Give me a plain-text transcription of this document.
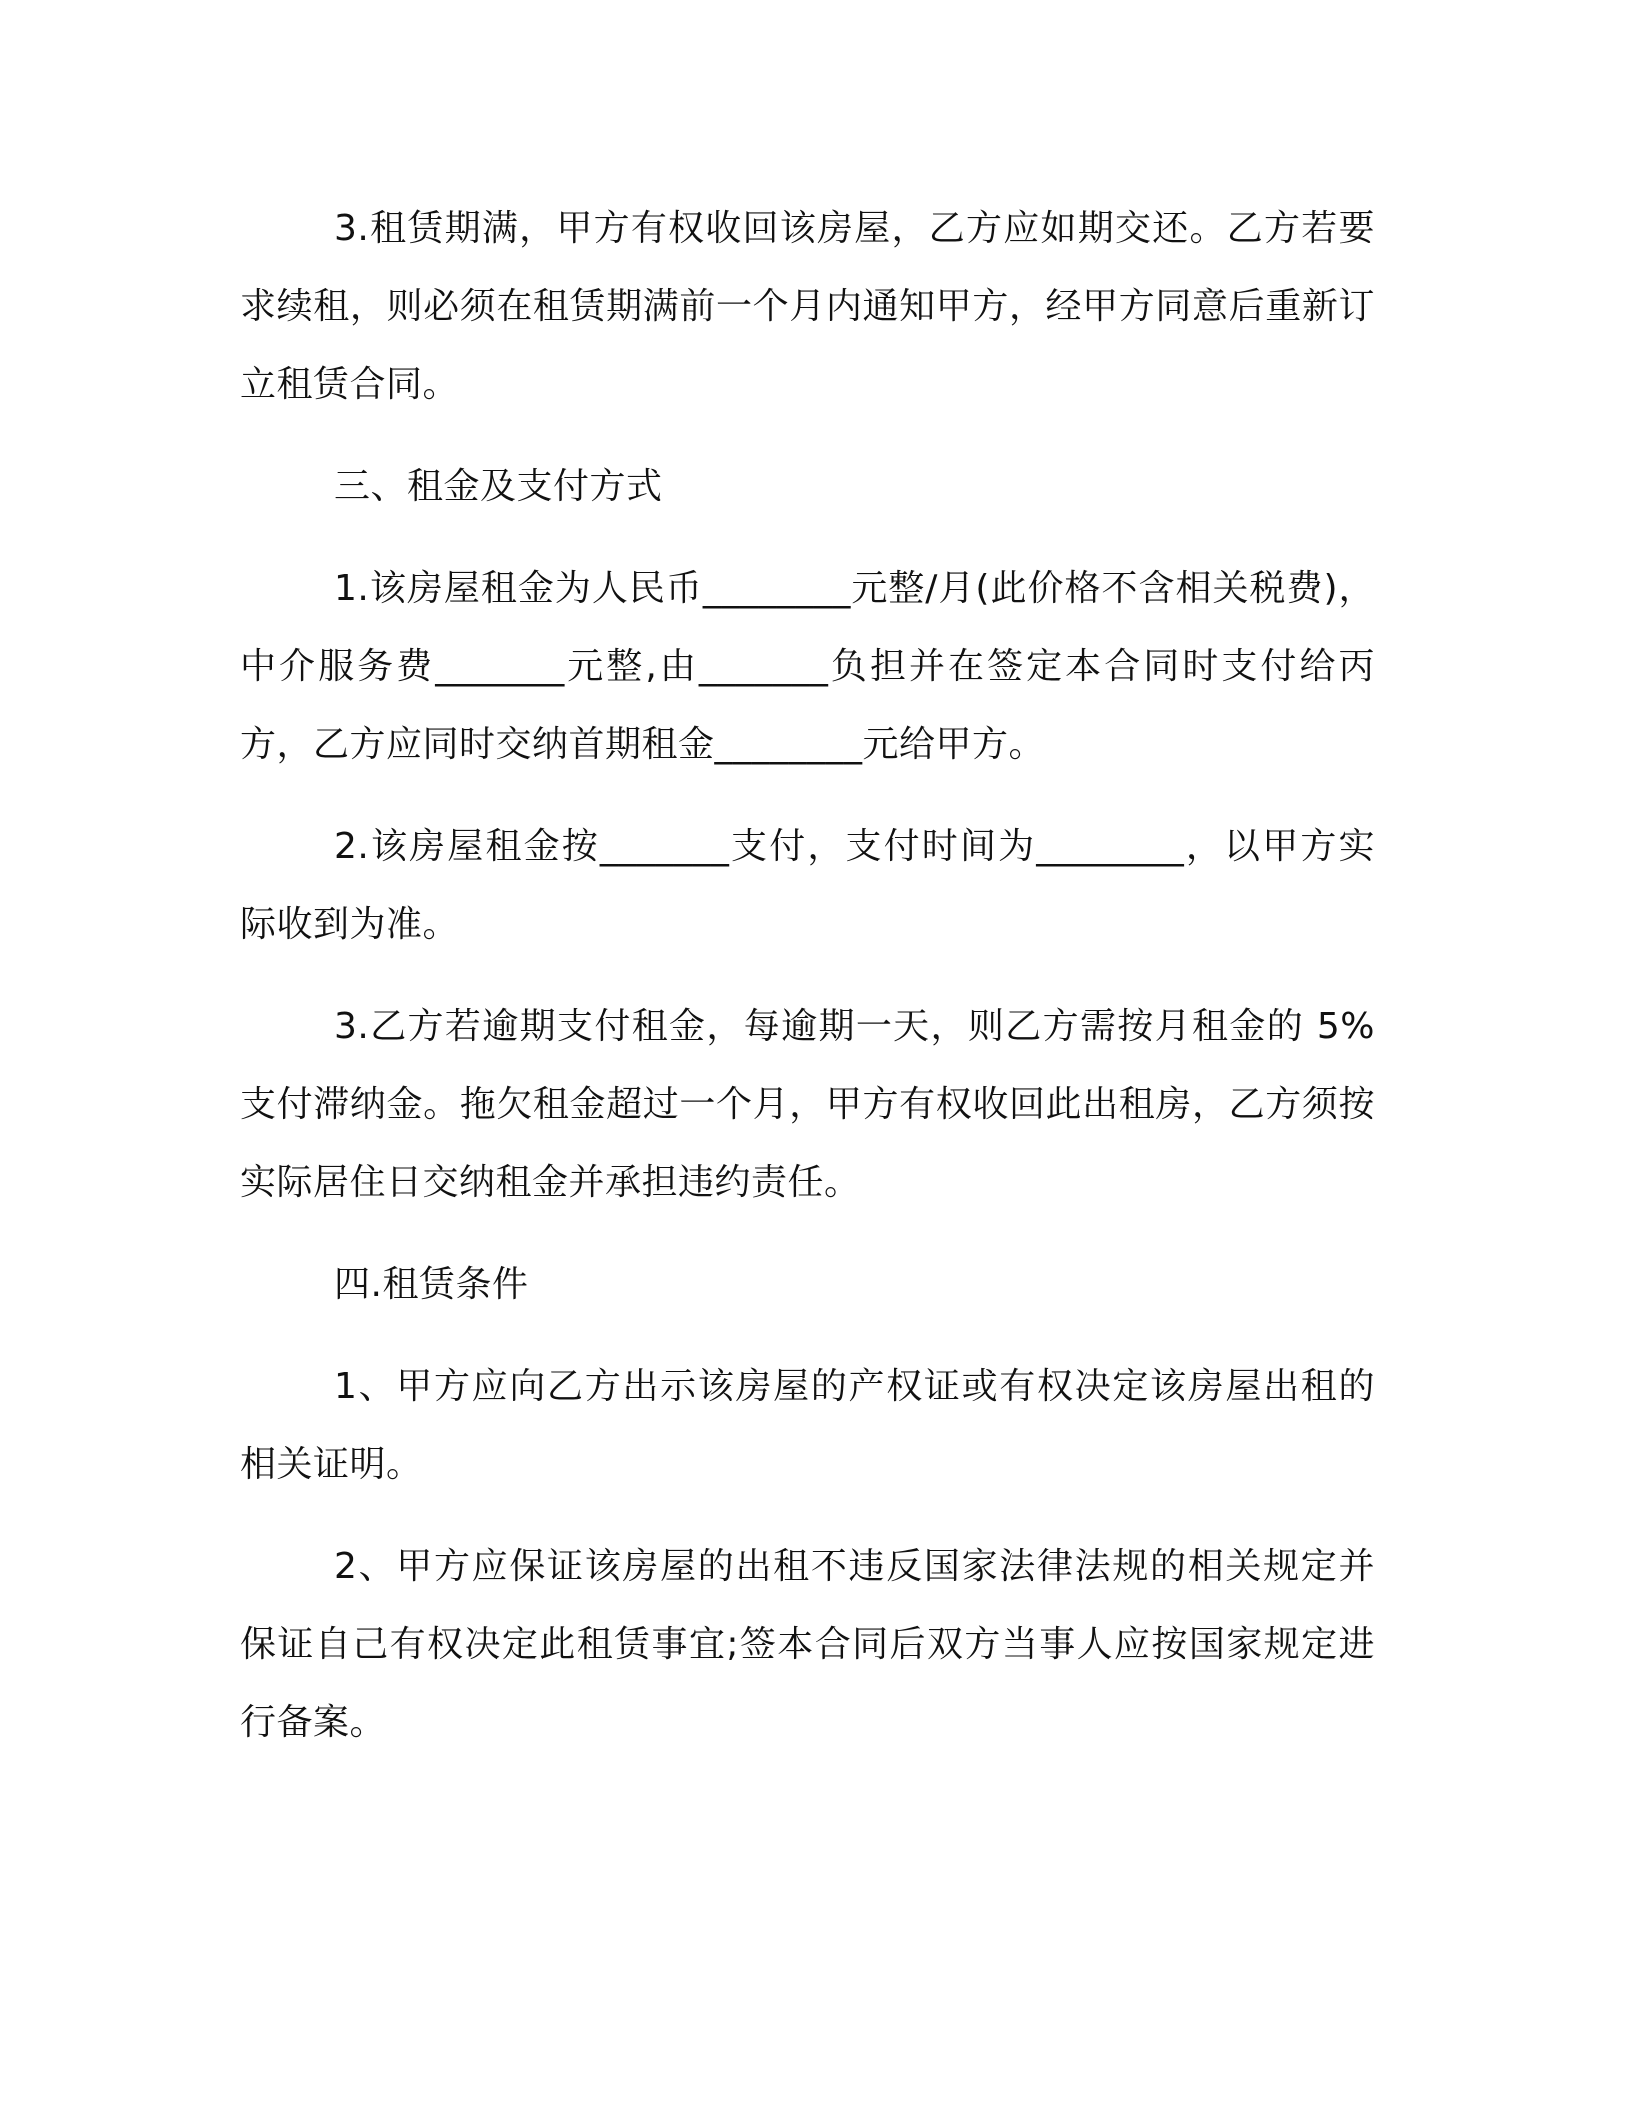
3.租赁期满，甲方有权收回该房屋，乙方应如期交还。乙方若要求续租，则必须在租赁期满前一个月内通知甲方，经甲方同意后重新订立租赁合同。

三、租金及支付方式

1.该房屋租金为人民币________元整/月(此价格不含相关税费)，中介服务费_______元整,由_______负担并在签定本合同时支付给丙方，乙方应同时交纳首期租金________元给甲方。

2.该房屋租金按_______支付，支付时间为________，以甲方实际收到为准。

3.乙方若逾期支付租金，每逾期一天，则乙方需按月租金的 5%支付滞纳金。拖欠租金超过一个月，甲方有权收回此出租房，乙方须按实际居住日交纳租金并承担违约责任。

四.租赁条件

1、甲方应向乙方出示该房屋的产权证或有权决定该房屋出租的相关证明。

2、甲方应保证该房屋的出租不违反国家法律法规的相关规定并保证自己有权决定此租赁事宜;签本合同后双方当事人应按国家规定进行备案。
